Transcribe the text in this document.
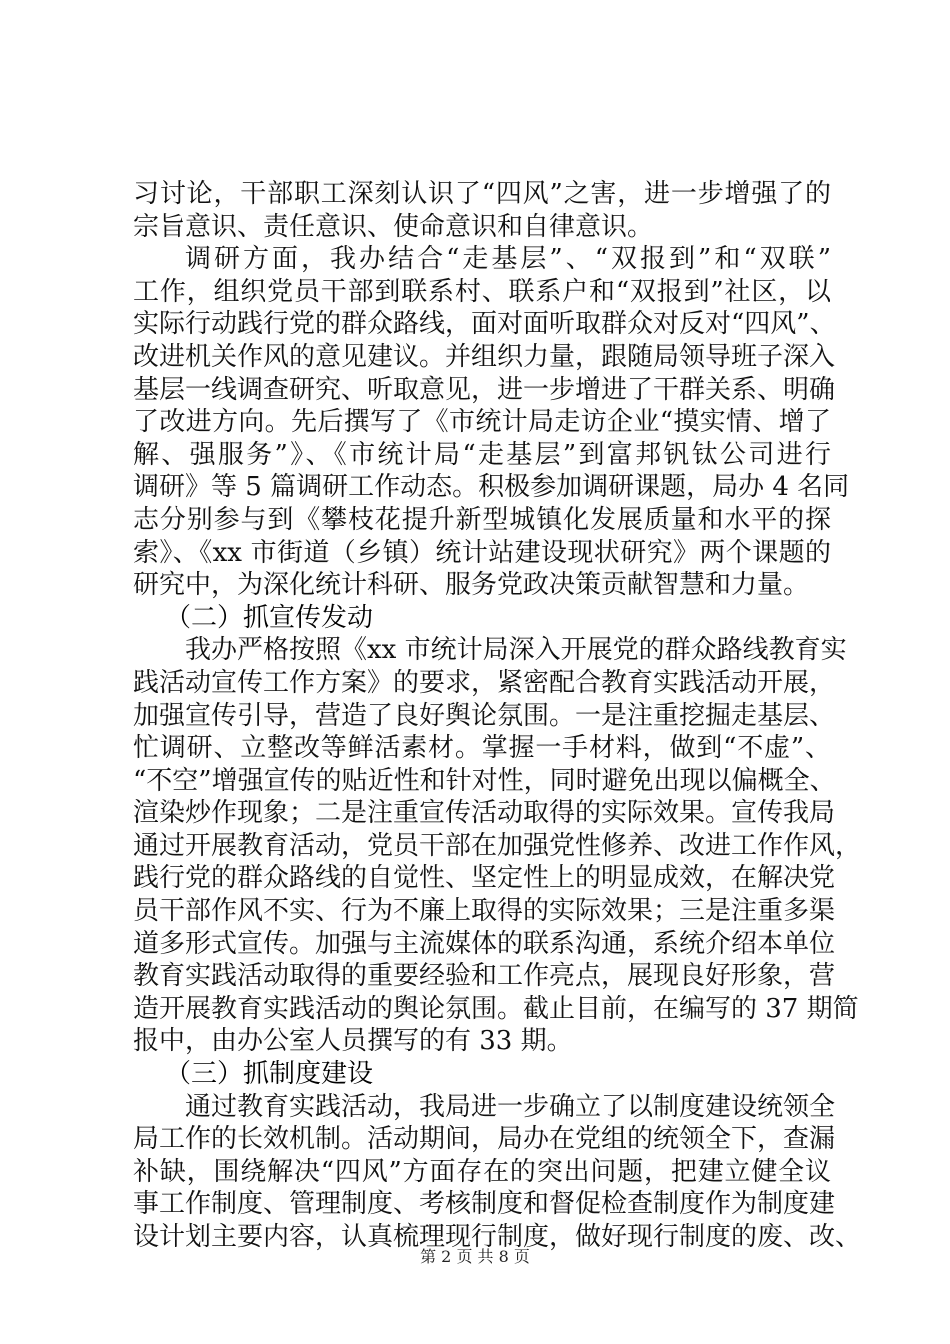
习讨论，干部职工深刻认识了“四风”之害，进一步增强了的
宗旨意识、责任意识、使命意识和自律意识。
调研方面，我办结合“走基层”、“双报到”和“双联”
工作，组织党员干部到联系村、联系户和“双报到”社区，以
实际行动践行党的群众路线，面对面听取群众对反对“四风”、
改进机关作风的意见建议。并组织力量，跟随局领导班子深入
基层一线调查研究、听取意见，进一步增进了干群关系、明确
了改进方向。先后撰写了《市统计局走访企业“摸实情、增了
解、强服务”》、《市统计局“走基层”到富邦钒钛公司进行
调研》等 5 篇调研工作动态。积极参加调研课题，局办 4 名同
志分别参与到《攀枝花提升新型城镇化发展质量和水平的探
索》、《xx 市街道（乡镇）统计站建设现状研究》两个课题的
研究中，为深化统计科研、服务党政决策贡献智慧和力量。
（二）抓宣传发动
我办严格按照《xx 市统计局深入开展党的群众路线教育实
践活动宣传工作方案》的要求，紧密配合教育实践活动开展，
加强宣传引导，营造了良好舆论氛围。一是注重挖掘走基层、
忙调研、立整改等鲜活素材。掌握一手材料，做到“不虚”、
“不空”增强宣传的贴近性和针对性，同时避免出现以偏概全、
渲染炒作现象；二是注重宣传活动取得的实际效果。宣传我局
通过开展教育活动，党员干部在加强党性修养、改进工作作风，
践行党的群众路线的自觉性、坚定性上的明显成效，在解决党
员干部作风不实、行为不廉上取得的实际效果；三是注重多渠
道多形式宣传。加强与主流媒体的联系沟通，系统介绍本单位
教育实践活动取得的重要经验和工作亮点，展现良好形象，营
造开展教育实践活动的舆论氛围。截止目前，在编写的 37 期简
报中，由办公室人员撰写的有 33 期。
（三）抓制度建设
通过教育实践活动，我局进一步确立了以制度建设统领全
局工作的长效机制。活动期间，局办在党组的统领全下，查漏
补缺，围绕解决“四风”方面存在的突出问题，把建立健全议
事工作制度、管理制度、考核制度和督促检查制度作为制度建
设计划主要内容，认真梳理现行制度，做好现行制度的废、改、
第 2 页 共 8 页
